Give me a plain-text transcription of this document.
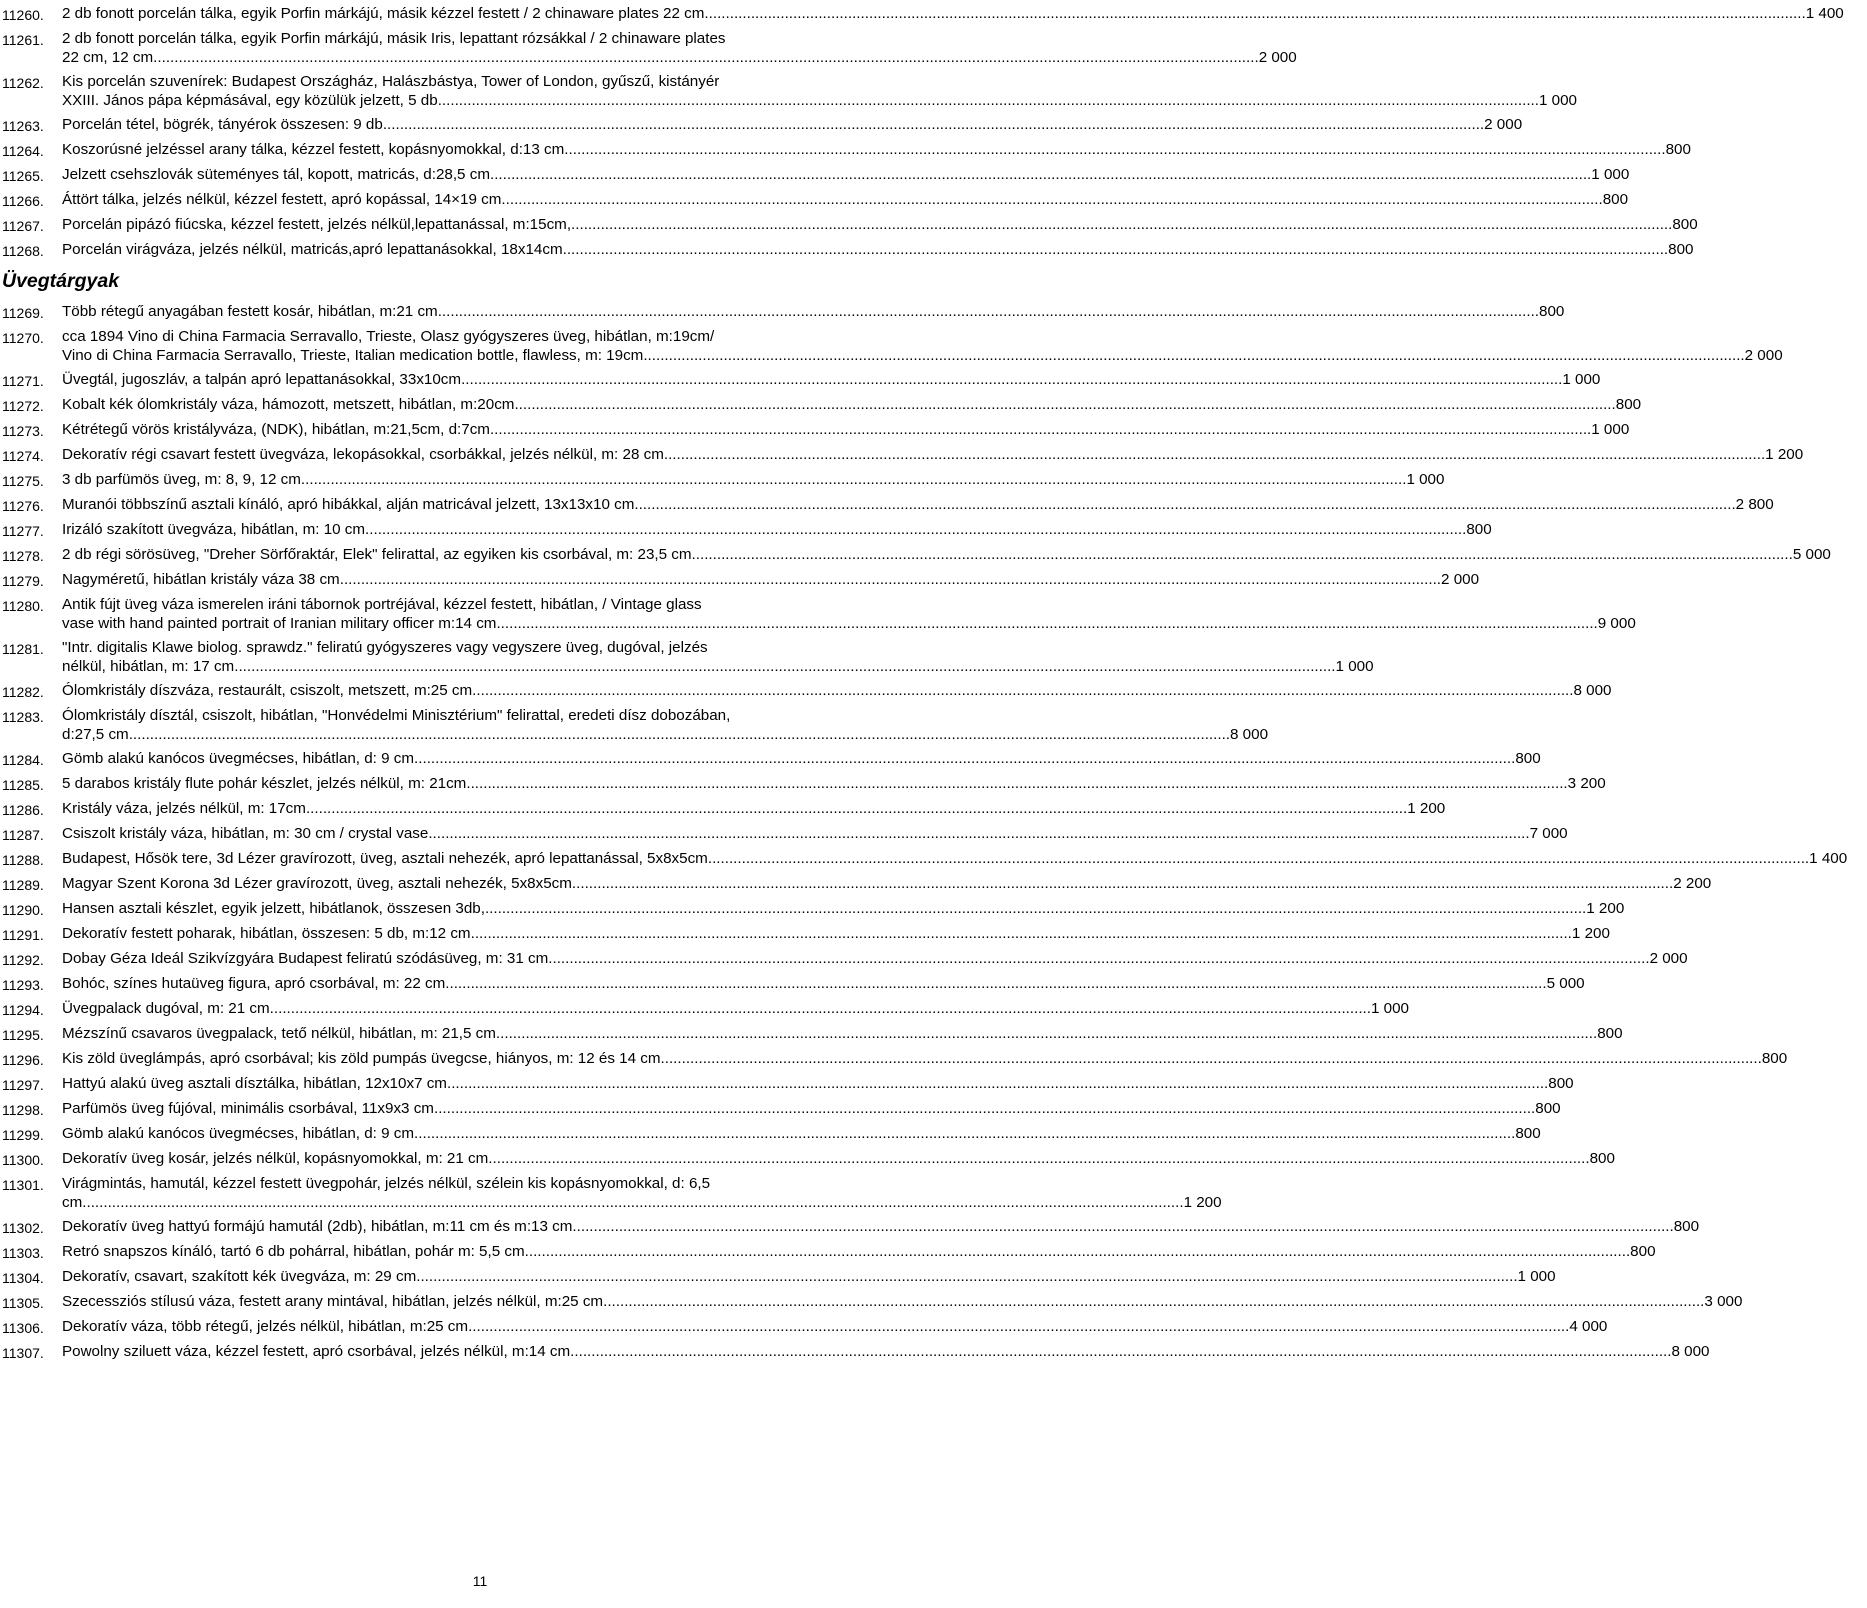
11260.	2 db fonott porcelán tálka, egyik Porfin márkájú, másik kézzel festett / 2 chinaware plates 22 cm .....	1 400
11261.	2 db fonott porcelán tálka, egyik Porfin márkájú, másik Iris, lepattant rózsákkal / 2 chinaware plates
22 cm, 12 cm. .....	2 000
11262.	Kis porcelán szuvenírek: Budapest Országház, Halászbástya, Tower of London, gyűszű, kistányér
XXIII. János pápa képmásával, egy közülük jelzett, 5 db .....	1 000
11263.	Porcelán tétel, bögrék, tányérok összesen: 9 db .....	2 000
11264.	Koszorúsné jelzéssel arany tálka, kézzel festett, kopásnyomokkal, d:13 cm .....	800
11265.	Jelzett csehszlovák süteményes tál, kopott, matricás, d:28,5 cm .....	1 000
11266.	Áttört tálka, jelzés nélkül, kézzel festett, apró kopással, 14×19 cm .....	800
11267.	Porcelán pipázó fiúcska, kézzel festett, jelzés nélkül,lepattanással, m:15cm, .....	800
11268.	Porcelán virágváza, jelzés nélkül, matricás,apró lepattanásokkal, 18x14cm. .....	800
Üvegtárgyak
11269.	Több rétegű anyagában festett kosár, hibátlan, m:21 cm .....	800
11270.	cca 1894 Vino di China Farmacia Serravallo, Trieste, Olasz gyógyszeres üveg, hibátlan, m:19cm/
Vino di China Farmacia Serravallo, Trieste, Italian medication bottle, flawless, m: 19cm .....	2 000
11271.	Üvegtál, jugoszláv, a talpán apró lepattanásokkal, 33x10cm .....	1 000
11272.	Kobalt kék ólomkristály váza, hámozott, metszett, hibátlan, m:20cm .....	800
11273.	Kétrétegű vörös kristályváza, (NDK), hibátlan, m:21,5cm, d:7cm .....	1 000
11274.	Dekoratív régi csavart festett üvegváza, lekopásokkal, csorbákkal, jelzés nélkül, m: 28 cm .....	1 200
11275.	3 db parfümös üveg, m: 8, 9, 12 cm. .....	1 000
11276.	Muranói többszínű asztali kínáló, apró hibákkal, alján matricával jelzett, 13x13x10 cm .....	2 800
11277.	Irizáló szakított üvegváza, hibátlan, m: 10 cm .....	800
11278.	2 db régi sörösüveg, "Dreher Sörfőraktár, Elek" felirattal, az egyiken kis csorbával, m: 23,5 cm .....	5 000
11279.	Nagyméretű, hibátlan kristály váza 38 cm .....	2 000
11280.	Antik fújt üveg váza ismerelen iráni tábornok portréjával, kézzel festett, hibátlan, / Vintage glass
vase with hand painted portrait of Iranian military officer m:14 cm .....	9 000
11281.	"Intr. digitalis Klawe biolog. sprawdz." feliratú gyógyszeres vagy vegyszere üveg, dugóval, jelzés
nélkül, hibátlan, m: 17 cm .....	1 000
11282.	Ólomkristály díszváza, restaurált, csiszolt, metszett, m:25 cm .....	8 000
11283.	Ólomkristály dísztál, csiszolt, hibátlan, "Honvédelmi Minisztérium" felirattal, eredeti dísz dobozában,
d:27,5 cm .....	8 000
11284.	Gömb alakú kanócos üvegmécses, hibátlan, d: 9 cm .....	800
11285.	5 darabos kristály flute pohár készlet, jelzés nélkül, m: 21cm .....	3 200
11286.	Kristály váza, jelzés nélkül, m: 17cm .....	1 200
11287.	Csiszolt kristály váza, hibátlan, m: 30 cm / crystal vase .....	7 000
11288.	Budapest, Hősök tere, 3d Lézer gravírozott, üveg, asztali nehezék, apró lepattanással, 5x8x5cm .....	1 400
11289.	Magyar Szent Korona 3d Lézer gravírozott, üveg, asztali nehezék, 5x8x5cm .....	2 200
11290.	Hansen asztali készlet, egyik jelzett, hibátlanok, összesen 3db, .....	1 200
11291.	Dekoratív festett poharak, hibátlan, összesen: 5 db, m:12 cm .....	1 200
11292.	Dobay Géza Ideál Szikvízgyára Budapest feliratú szódásüveg, m: 31 cm .....	2 000
11293.	Bohóc, színes hutaüveg figura, apró csorbával, m: 22 cm .....	5 000
11294.	Üvegpalack dugóval, m: 21 cm .....	1 000
11295.	Mézszínű csavaros üvegpalack, tető nélkül, hibátlan, m: 21,5 cm .....	800
11296.	Kis zöld üveglámpás, apró csorbával; kis zöld pumpás üvegcse, hiányos, m: 12 és 14 cm .....	800
11297.	Hattyú alakú üveg asztali dísztálka, hibátlan, 12x10x7 cm .....	800
11298.	Parfümös üveg fújóval, minimális csorbával, 11x9x3 cm .....	800
11299.	Gömb alakú kanócos üvegmécses, hibátlan, d: 9 cm .....	800
11300.	Dekoratív üveg kosár, jelzés nélkül, kopásnyomokkal, m: 21 cm .....	800
11301.	Virágmintás, hamutál, kézzel festett üvegpohár, jelzés nélkül, szélein kis kopásnyomokkal, d: 6,5
cm .....	1 200
11302.	Dekoratív üveg hattyú formájú hamutál (2db), hibátlan, m:11 cm és m:13 cm .....	800
11303.	Retró snapszos kínáló, tartó 6 db pohárral, hibátlan, pohár m: 5,5 cm. .....	800
11304.	Dekoratív, csavart, szakított kék üvegváza, m: 29 cm .....	1 000
11305.	Szecessziós stílusú váza, festett arany mintával, hibátlan, jelzés nélkül, m:25 cm .....	3 000
11306.	Dekoratív váza, több rétegű, jelzés nélkül, hibátlan, m:25 cm .....	4 000
11307.	Powolny sziluett váza, kézzel festett, apró csorbával, jelzés nélkül, m:14 cm .....	8 000
11
